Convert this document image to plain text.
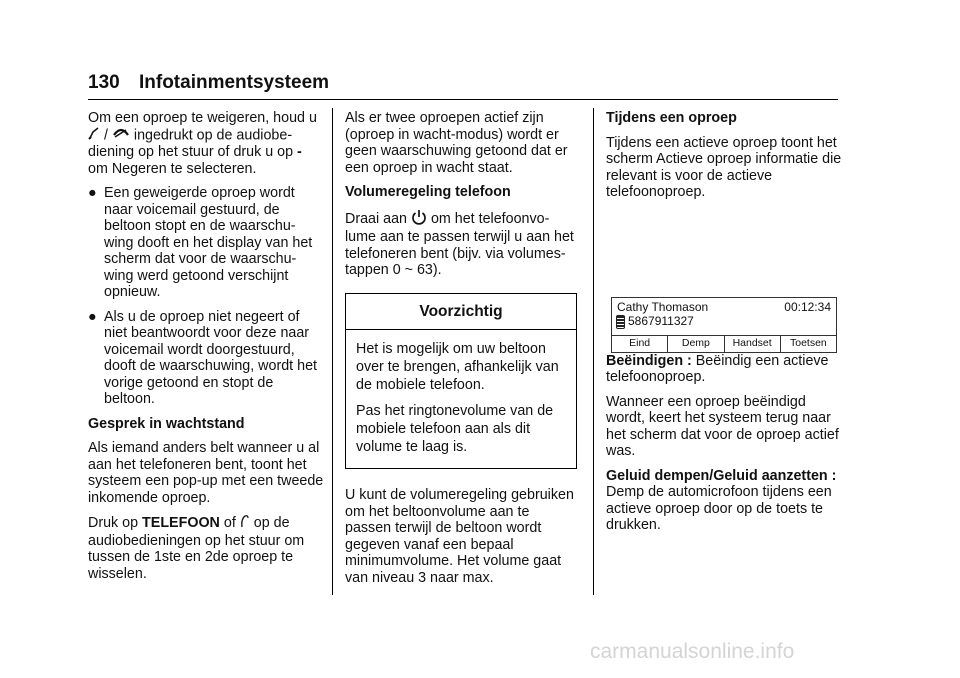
130 Infotainmentsysteem

Om een oproep te weigeren, houd u
/  ingedrukt op de audiobe-
diening op het stuur of druk u op -
om Negeren te selecteren.

● Een geweigerde oproep wordt naar voicemail gestuurd, de beltoon stopt en de waarschu-wing dooft en het display van het scherm dat voor de waarschu-wing werd getoond verschijnt opnieuw.
● Als u de oproep niet negeert of niet beantwoordt voor deze naar voicemail wordt doorgestuurd, dooft de waarschuwing, wordt het vorige getoond en stopt de beltoon.
Gesprek in wachtstand

Als iemand anders belt wanneer u al aan het telefoneren bent, toont het systeem een pop-up met een tweede inkomende oproep.

Druk op TELEFOON of  op de
audiobedieningen op het stuur om tussen de 1ste en 2de oproep te wisselen.

Als er twee oproepen actief zijn (oproep in wacht-modus) wordt er geen waarschuwing getoond dat er een oproep in wacht staat.

Volumeregeling telefoon

Draai aan  om het telefoonvo-
lume aan te passen terwijl u aan het telefoneren bent (bijv. via volumes-tappen 0 ~ 63).

Voorzichtig

Het is mogelijk om uw beltoon over te brengen, afhankelijk van de mobiele telefoon.

Pas het ringtonevolume van de mobiele telefoon aan als dit volume te laag is.

U kunt de volumeregeling gebruiken om het beltoonvolume aan te passen terwijl de beltoon wordt gegeven vanaf een bepaal minimumvolume. Het volume gaat van niveau 3 naar max.

Tijdens een oproep

Tijdens een actieve oproep toont het scherm Actieve oproep informatie die relevant is voor de actieve telefoonoproep.

Cathy Thomason	00:12:34
5867911327
Eind	Demp	Handset	Toetsen

Beëindigen : Beëindig een actieve telefoonoproep.

Wanneer een oproep beëindigd wordt, keert het systeem terug naar het scherm dat voor de oproep actief was.

Geluid dempen/Geluid aanzetten : Demp de automicrofoon tijdens een actieve oproep door op de toets te drukken.

carmanualsonline.info
